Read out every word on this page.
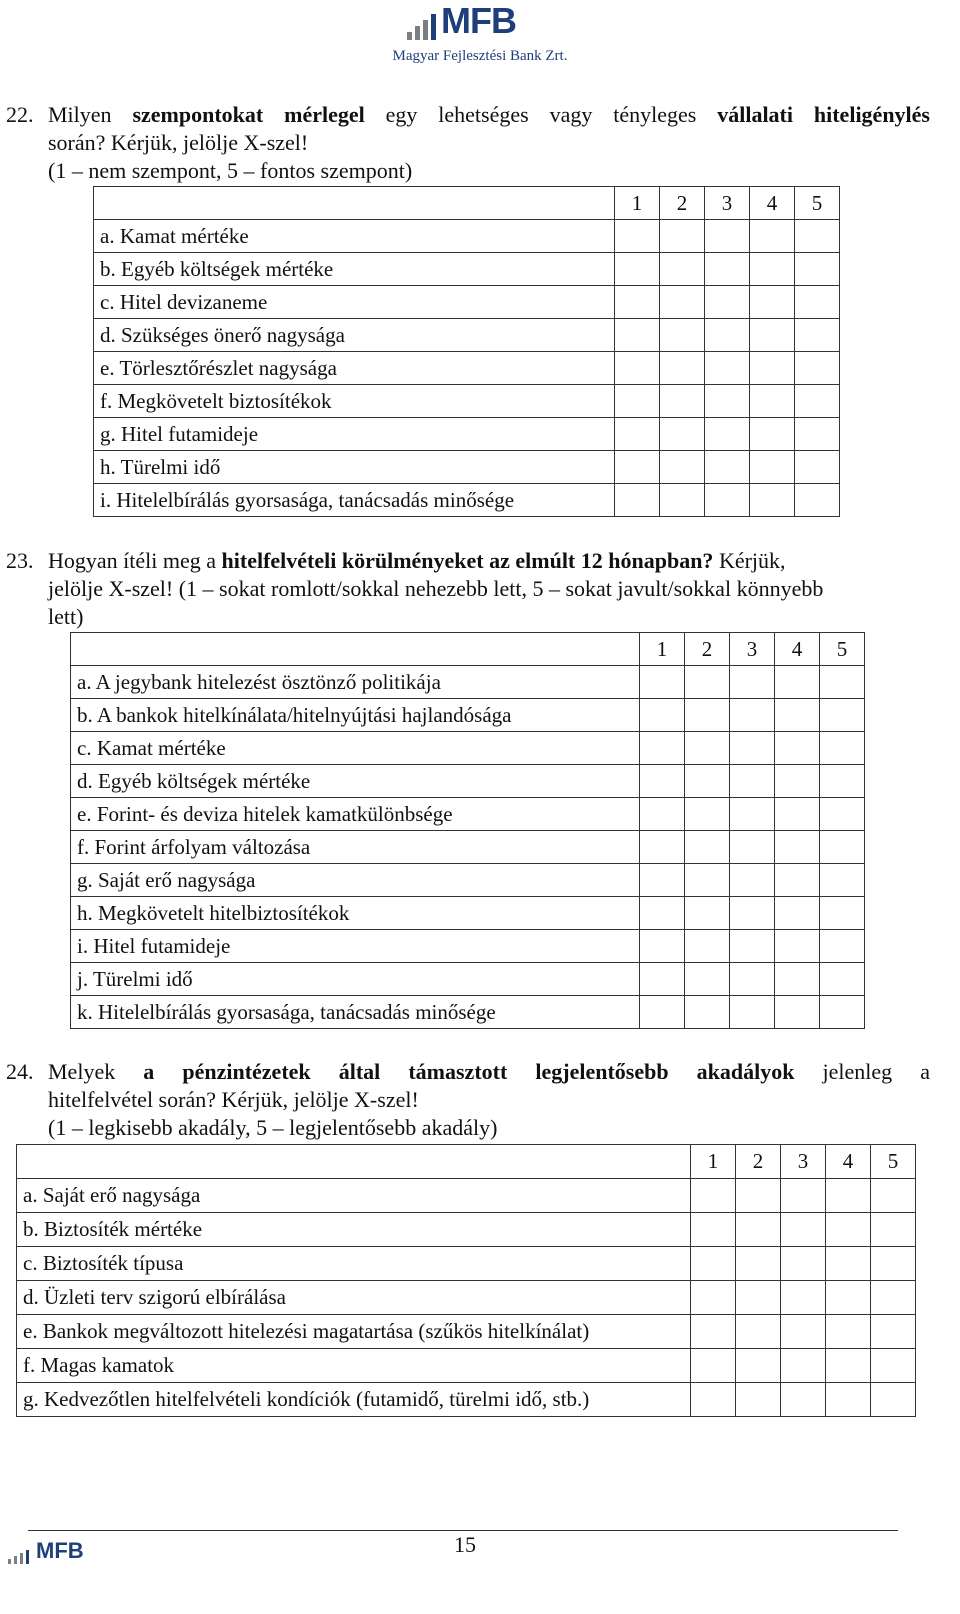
MFB
Magyar Fejlesztési Bank Zrt.
22. Milyen szempontokat mérlegel egy lehetséges vagy tényleges vállalati hiteligénylés
során? Kérjük, jelölje X-szel!
(1 – nem szempont, 5 – fontos szempont)
	1	2	3	4	5
a. Kamat mértéke					
b. Egyéb költségek mértéke					
c. Hitel devizaneme					
d. Szükséges önerő nagysága					
e. Törlesztőrészlet nagysága					
f. Megkövetelt biztosítékok					
g. Hitel futamideje					
h. Türelmi idő					
i. Hitelelbírálás gyorsasága, tanácsadás minősége					
23. Hogyan ítéli meg a hitelfelvételi körülményeket az elmúlt 12 hónapban? Kérjük,
jelölje X-szel! (1 – sokat romlott/sokkal nehezebb lett, 5 – sokat javult/sokkal könnyebb
lett)
	1	2	3	4	5
a. A jegybank hitelezést ösztönző politikája					
b. A bankok hitelkínálata/hitelnyújtási hajlandósága					
c. Kamat mértéke					
d. Egyéb költségek mértéke					
e. Forint- és deviza hitelek kamatkülönbsége					
f. Forint árfolyam változása					
g. Saját erő nagysága					
h. Megkövetelt hitelbiztosítékok					
i. Hitel futamideje					
j. Türelmi idő					
k. Hitelelbírálás gyorsasága, tanácsadás minősége					
24. Melyek a pénzintézetek által támasztott legjelentősebb akadályok jelenleg a
hitelfelvétel során? Kérjük, jelölje X-szel!
(1 – legkisebb akadály, 5 – legjelentősebb akadály)
	1	2	3	4	5
a. Saját erő nagysága					
b. Biztosíték mértéke					
c. Biztosíték típusa					
d. Üzleti terv szigorú elbírálása					
e. Bankok megváltozott hitelezési magatartása (szűkös hitelkínálat)					
f. Magas kamatok					
g. Kedvezőtlen hitelfelvételi kondíciók (futamidő, türelmi idő, stb.)					
MFB	15
